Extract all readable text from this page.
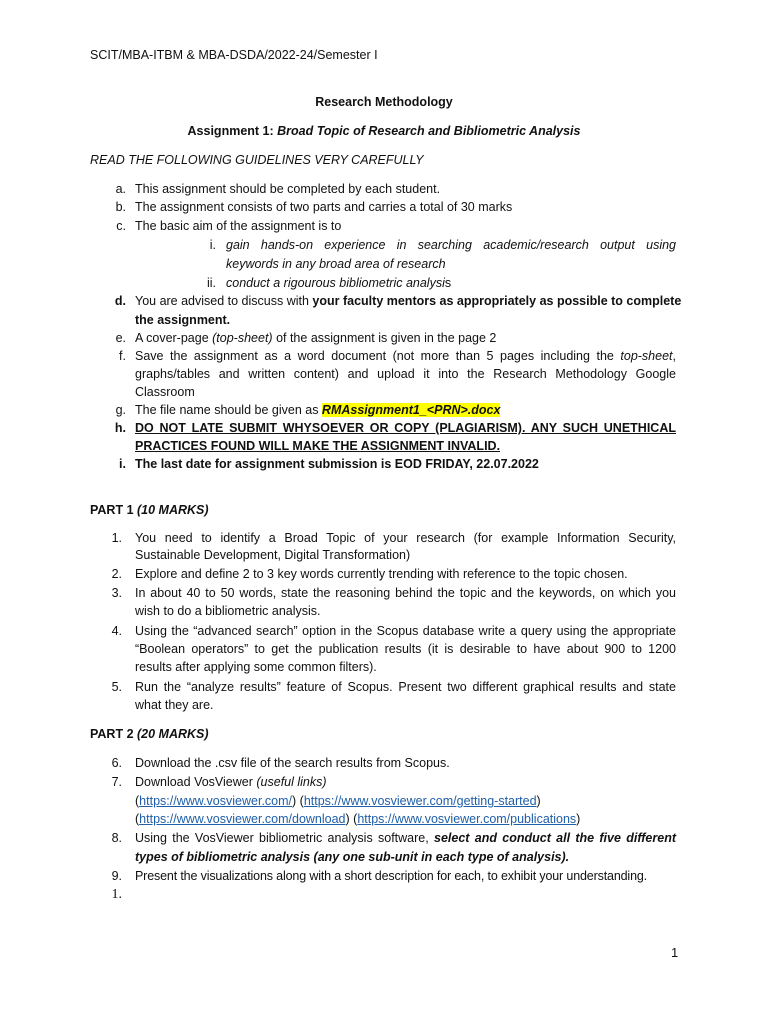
SCIT/MBA-ITBM & MBA-DSDA/2022-24/Semester I
Research Methodology
Assignment 1: Broad Topic of Research and Bibliometric Analysis
READ THE FOLLOWING GUIDELINES VERY CAREFULLY
a. This assignment should be completed by each student.
b. The assignment consists of two parts and carries a total of 30 marks
c. The basic aim of the assignment is to
i. gain hands-on experience in searching academic/research output using
keywords in any broad area of research
ii. conduct a rigourous bibliometric analysis
d. You are advised to discuss with your faculty mentors as appropriately as possible to complete
the assignment.
e. A cover-page (top-sheet) of the assignment is given in the page 2
f. Save the assignment as a word document (not more than 5 pages including the top-sheet,
graphs/tables and written content) and upload it into the Research Methodology Google
Classroom
g. The file name should be given as RMAssignment1_<PRN>.docx
h. DO NOT LATE SUBMIT WHYSOEVER OR COPY (PLAGIARISM). ANY SUCH UNETHICAL
PRACTICES FOUND WILL MAKE THE ASSIGNMENT INVALID.
i. The last date for assignment submission is EOD FRIDAY, 22.07.2022
PART 1 (10 MARKS)
1. You need to identify a Broad Topic of your research (for example Information Security,
Sustainable Development, Digital Transformation)
2. Explore and define 2 to 3 key words currently trending with reference to the topic chosen.
3. In about 40 to 50 words, state the reasoning behind the topic and the keywords, on which you
wish to do a bibliometric analysis.
4. Using the “advanced search” option in the Scopus database write a query using the appropriate
“Boolean operators” to get the publication results (it is desirable to have about 900 to 1200
results after applying some common filters).
5. Run the “analyze results” feature of Scopus. Present two different graphical results and state
what they are.
PART 2 (20 MARKS)
6. Download the .csv file of the search results from Scopus.
7. Download VosViewer (useful links)
(https://www.vosviewer.com/) (https://www.vosviewer.com/getting-started)
(https://www.vosviewer.com/download) (https://www.vosviewer.com/publications)
8. Using the VosViewer bibliometric analysis software, select and conduct all the five different
types of bibliometric analysis (any one sub-unit in each type of analysis).
9. Present the visualizations along with a short description for each, to exhibit your understanding.
1.
1
